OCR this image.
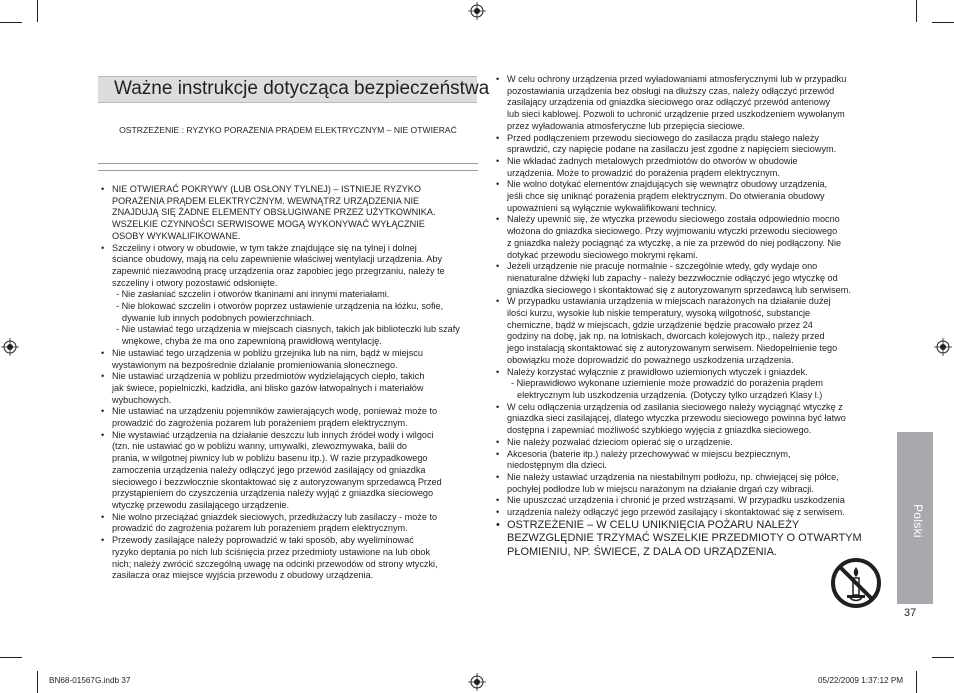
Ważne instrukcje dotycząca bezpieczeństwa
OSTRZEŻENIE : RYZYKO PORAŻENIA PRĄDEM ELEKTRYCZNYM – NIE OTWIERAĆ
• NIE OTWIERAĆ POKRYWY (LUB OSŁONY TYLNEJ) – ISTNIEJE RYZYKO
PORAŻENIA PRĄDEM ELEKTRYCZNYM. WEWNĄTRZ URZĄDZENIA NIE
ZNAJDUJĄ SIĘ ŻADNE ELEMENTY OBSŁUGIWANE PRZEZ UŻYTKOWNIKA.
WSZELKIE CZYNNOŚCI SERWISOWE MOGĄ WYKONYWAĆ WYŁĄCZNIE
OSOBY WYKWALIFIKOWANE.
• Szczeliny i otwory w obudowie, w tym także znajdujące się na tylnej i dolnej
ściance obudowy, mają na celu zapewnienie właściwej wentylacji urządzenia. Aby
zapewnić niezawodną pracę urządzenia oraz zapobiec jego przegrzaniu, należy te
szczeliny i otwory pozostawić odsłonięte.
- Nie zasłaniać szczelin i otworów tkaninami ani innymi materiałami.
- Nie blokować szczelin i otworów poprzez ustawienie urządzenia na łóżku, sofie,
dywanie lub innych podobnych powierzchniach.
- Nie ustawiać tego urządzenia w miejscach ciasnych, takich jak biblioteczki lub szafy
wnękowe, chyba że ma ono zapewnioną prawidłową wentylację.
• Nie ustawiać tego urządzenia w pobliżu grzejnika lub na nim, bądź w miejscu
wystawionym na bezpośrednie działanie promieniowania słonecznego.
• Nie ustawiać urządzenia w pobliżu przedmiotów wydzielających ciepło, takich
jak świece, popielniczki, kadzidła, ani blisko gazów łatwopalnych i materiałów
wybuchowych.
• Nie ustawiać na urządzeniu pojemników zawierających wodę, ponieważ może to
prowadzić do zagrożenia pożarem lub porażeniem prądem elektrycznym.
• Nie wystawiać urządzenia na działanie deszczu lub innych źródeł wody i wilgoci
(tzn. nie ustawiać go w pobliżu wanny, umywalki, zlewozmywaka, balii do
prania, w wilgotnej piwnicy lub w pobliżu basenu itp.). W razie przypadkowego
zamoczenia urządzenia należy odłączyć jego przewód zasilający od gniazdka
sieciowego i bezzwłocznie skontaktować się z autoryzowanym sprzedawcą Przed
przystąpieniem do czyszczenia urządzenia należy wyjąć z gniazdka sieciowego
wtyczkę przewodu zasilającego urządzenie.
• Nie wolno przeciążać gniazdek sieciowych, przedłużaczy lub zasilaczy - może to
prowadzić do zagrożenia pożarem lub porażeniem prądem elektrycznym.
• Przewody zasilające należy poprowadzić w taki sposób, aby wyeliminować
ryzyko deptania po nich lub ściśnięcia przez przedmioty ustawione na lub obok
nich; należy zwrócić szczególną uwagę na odcinki przewodów od strony wtyczki,
zasilacza oraz miejsce wyjścia przewodu z obudowy urządzenia.
• W celu ochrony urządzenia przed wyładowaniami atmosferycznymi lub w przypadku
pozostawiania urządzenia bez obsługi na dłuższy czas, należy odłączyć przewód
zasilający urządzenia od gniazdka sieciowego oraz odłączyć przewód antenowy
lub sieci kablowej. Pozwoli to uchronić urządzenie przed uszkodzeniem wywołanym
przez wyładowania atmosferyczne lub przepięcia sieciowe.
• Przed podłączeniem przewodu sieciowego do zasilacza prądu stałego należy
sprawdzić, czy napięcie podane na zasilaczu jest zgodne z napięciem sieciowym.
• Nie wkładać żadnych metalowych przedmiotów do otworów w obudowie
urządzenia. Może to prowadzić do porażenia prądem elektrycznym.
• Nie wolno dotykać elementów znajdujących się wewnątrz obudowy urządzenia,
jeśli chce się uniknąć porażenia prądem elektrycznym. Do otwierania obudowy
upoważnieni są wyłącznie wykwalifikowani technicy.
• Należy upewnić się, że wtyczka przewodu sieciowego została odpowiednio mocno
włożona do gniazdka sieciowego. Przy wyjmowaniu wtyczki przewodu sieciowego
z gniazdka należy pociągnąć za wtyczkę, a nie za przewód do niej podłączony. Nie
dotykać przewodu sieciowego mokrymi rękami.
• Jeżeli urządzenie nie pracuje normalnie - szczególnie wtedy, gdy wydaje ono
nienaturalne dźwięki lub zapachy - należy bezzwłocznie odłączyć jego wtyczkę od
gniazdka sieciowego i skontaktować się z autoryzowanym sprzedawcą lub serwisem.
• W przypadku ustawiania urządzenia w miejscach narażonych na działanie dużej
ilości kurzu, wysokie lub niskie temperatury, wysoką wilgotność, substancje
chemiczne, bądź w miejscach, gdzie urządzenie będzie pracowało przez 24
godziny na dobę, jak np. na lotniskach, dworcach kolejowych itp., należy przed
jego instalacją skontaktować się z autoryzowanym serwisem. Niedopełnienie tego
obowiązku może doprowadzić do poważnego uszkodzenia urządzenia.
• Należy korzystać wyłącznie z prawidłowo uziemionych wtyczek i gniazdek.
- Nieprawidłowo wykonane uziemienie może prowadzić do porażenia prądem
elektrycznym lub uszkodzenia urządzenia. (Dotyczy tylko urządzeń Klasy l.)
• W celu odłączenia urządzenia od zasilania sieciowego należy wyciągnąć wtyczkę z
gniazdka sieci zasilającej, dlatego wtyczka przewodu sieciowego powinna być łatwo
dostępna i zapewniać możliwość szybkiego wyjęcia z gniazdka sieciowego.
• Nie należy pozwalać dzieciom opierać się o urządzenie.
• Akcesoria (baterie itp.) należy przechowywać w miejscu bezpiecznym,
niedostępnym dla dzieci.
• Nie należy ustawiać urządzenia na niestabilnym podłożu, np. chwiejącej się półce,
pochyłej podłodze lub w miejscu narażonym na działanie drgań czy wibracji.
• Nie upuszczać urządzenia i chronić je przed wstrząsami. W przypadku uszkodzenia
• urządzenia należy odłączyć jego przewód zasilający i skontaktować się z serwisem.
• OSTRZEŻENIE – W CELU UNIKNIĘCIA POŻARU NALEŻY
BEZWZGLĘDNIE TRZYMAĆ WSZELKIE PRZEDMIOTY O OTWARTYM
PŁOMIENIU, NP. ŚWIECE, Z DALA OD URZĄDZENIA.
Polski
37
BN68-01567G.indb 37	05/22/2009 1:37:12 PM
